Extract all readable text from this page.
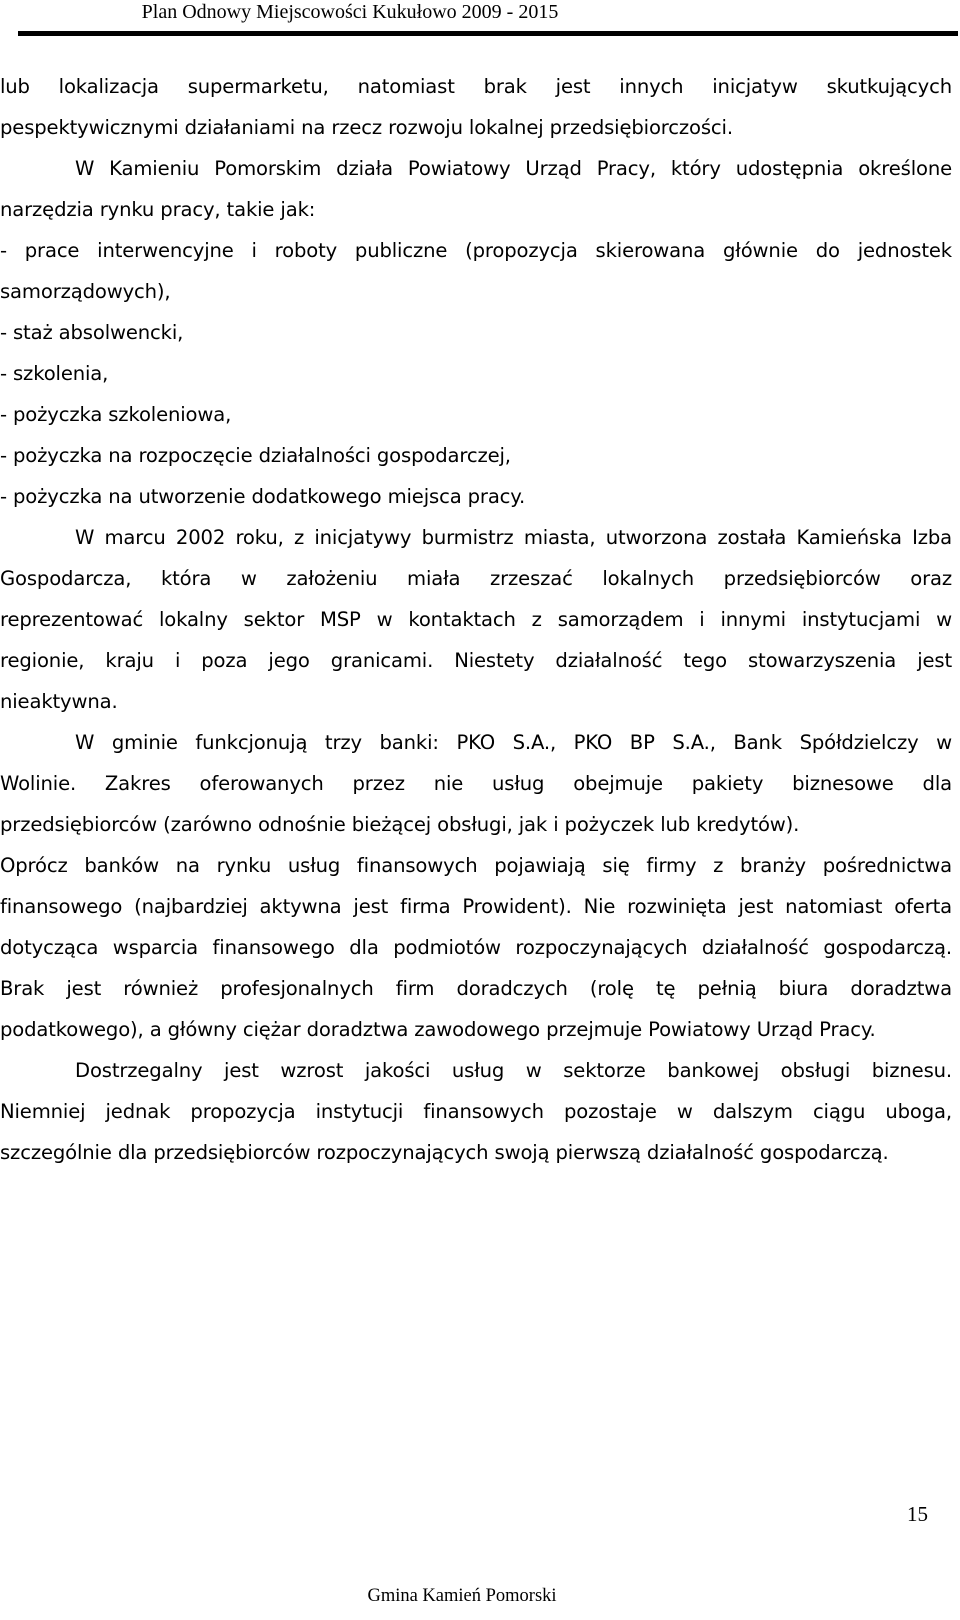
Plan Odnowy Miejscowości Kukułowo 2009 - 2015
lub lokalizacja supermarketu, natomiast brak jest innych inicjatyw skutkujących
pespektywicznymi działaniami na rzecz rozwoju lokalnej przedsiębiorczości.
W Kamieniu Pomorskim działa Powiatowy Urząd Pracy, który udostępnia określone
narzędzia rynku pracy, takie jak:
- prace interwencyjne i roboty publiczne (propozycja skierowana głównie do jednostek
samorządowych),
- staż absolwencki,
- szkolenia,
- pożyczka szkoleniowa,
- pożyczka na rozpoczęcie działalności gospodarczej,
- pożyczka na utworzenie dodatkowego miejsca pracy.
W marcu 2002 roku, z inicjatywy burmistrz miasta, utworzona została Kamieńska Izba
Gospodarcza, która w założeniu miała zrzeszać lokalnych przedsiębiorców oraz
reprezentować lokalny sektor MSP w kontaktach z samorządem i innymi instytucjami w
regionie, kraju i poza jego granicami. Niestety działalność tego stowarzyszenia jest
nieaktywna.
W gminie funkcjonują trzy banki: PKO S.A., PKO BP S.A., Bank Spółdzielczy w
Wolinie. Zakres oferowanych przez nie usług obejmuje pakiety biznesowe dla
przedsiębiorców (zarówno odnośnie bieżącej obsługi, jak i pożyczek lub kredytów).
Oprócz banków na rynku usług finansowych pojawiają się firmy z branży pośrednictwa
finansowego (najbardziej aktywna jest firma Prowident). Nie rozwinięta jest natomiast oferta
dotycząca wsparcia finansowego dla podmiotów rozpoczynających działalność gospodarczą.
Brak jest również profesjonalnych firm doradczych (rolę tę pełnią biura doradztwa
podatkowego), a główny ciężar doradztwa zawodowego przejmuje Powiatowy Urząd Pracy.
Dostrzegalny jest wzrost jakości usług w sektorze bankowej obsługi biznesu.
Niemniej jednak propozycja instytucji finansowych pozostaje w dalszym ciągu uboga,
szczególnie dla przedsiębiorców rozpoczynających swoją pierwszą działalność gospodarczą.
15
Gmina Kamień Pomorski
